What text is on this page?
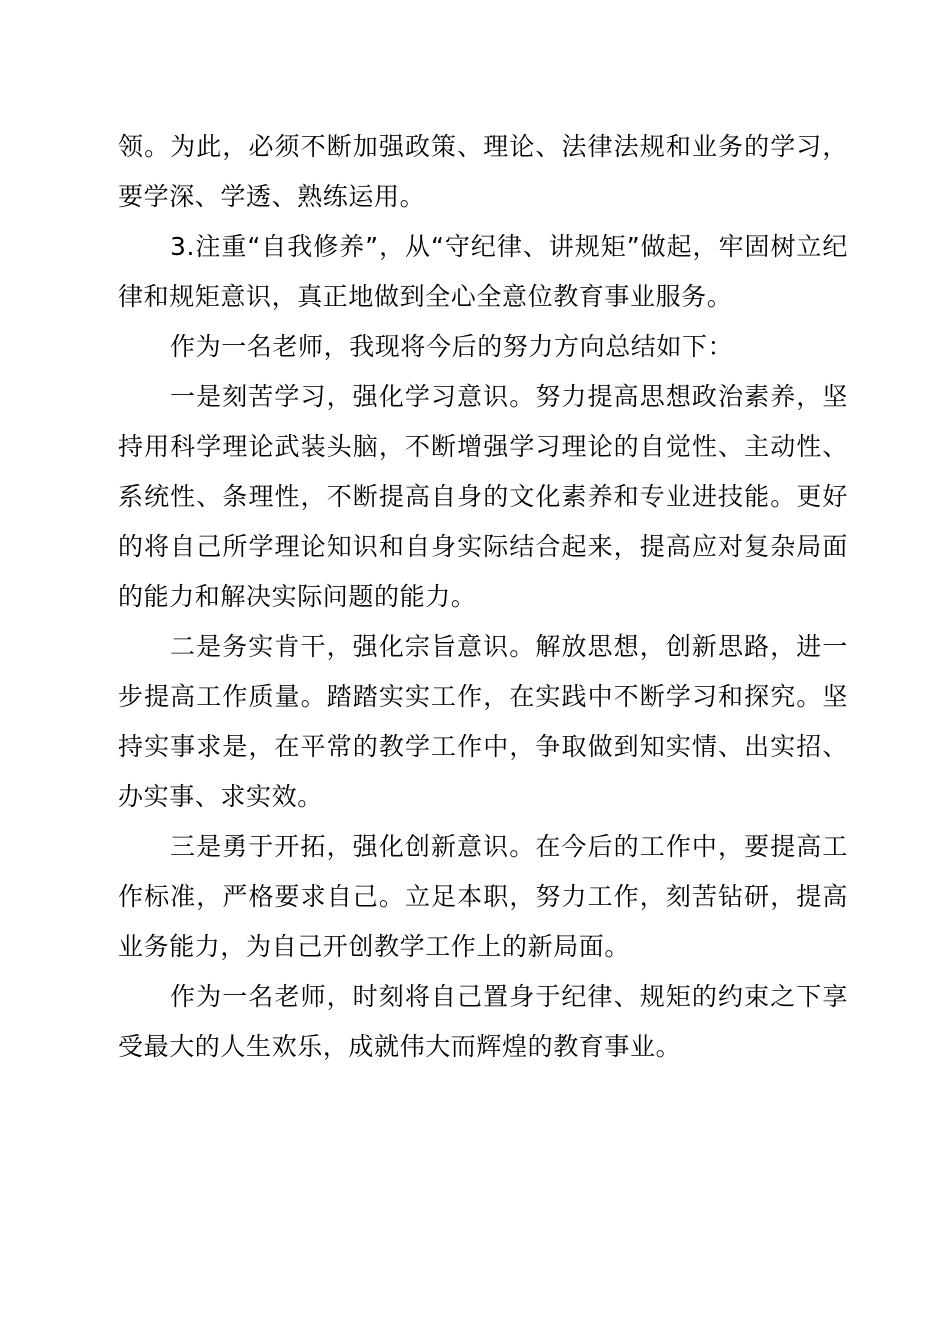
领。为此，必须不断加强政策、理论、法律法规和业务的学习，要学深、学透、熟练运用。

3.注重“自我修养”，从“守纪律、讲规矩”做起，牢固树立纪律和规矩意识，真正地做到全心全意位教育事业服务。

作为一名老师，我现将今后的努力方向总结如下：

一是刻苦学习，强化学习意识。努力提高思想政治素养，坚持用科学理论武装头脑，不断增强学习理论的自觉性、主动性、系统性、条理性，不断提高自身的文化素养和专业进技能。更好的将自己所学理论知识和自身实际结合起来，提高应对复杂局面的能力和解决实际问题的能力。

二是务实肯干，强化宗旨意识。解放思想，创新思路，进一步提高工作质量。踏踏实实工作，在实践中不断学习和探究。坚持实事求是，在平常的教学工作中，争取做到知实情、出实招、办实事、求实效。

三是勇于开拓，强化创新意识。在今后的工作中，要提高工作标准，严格要求自己。立足本职，努力工作，刻苦钻研，提高业务能力，为自己开创教学工作上的新局面。

作为一名老师，时刻将自己置身于纪律、规矩的约束之下享受最大的人生欢乐，成就伟大而辉煌的教育事业。
